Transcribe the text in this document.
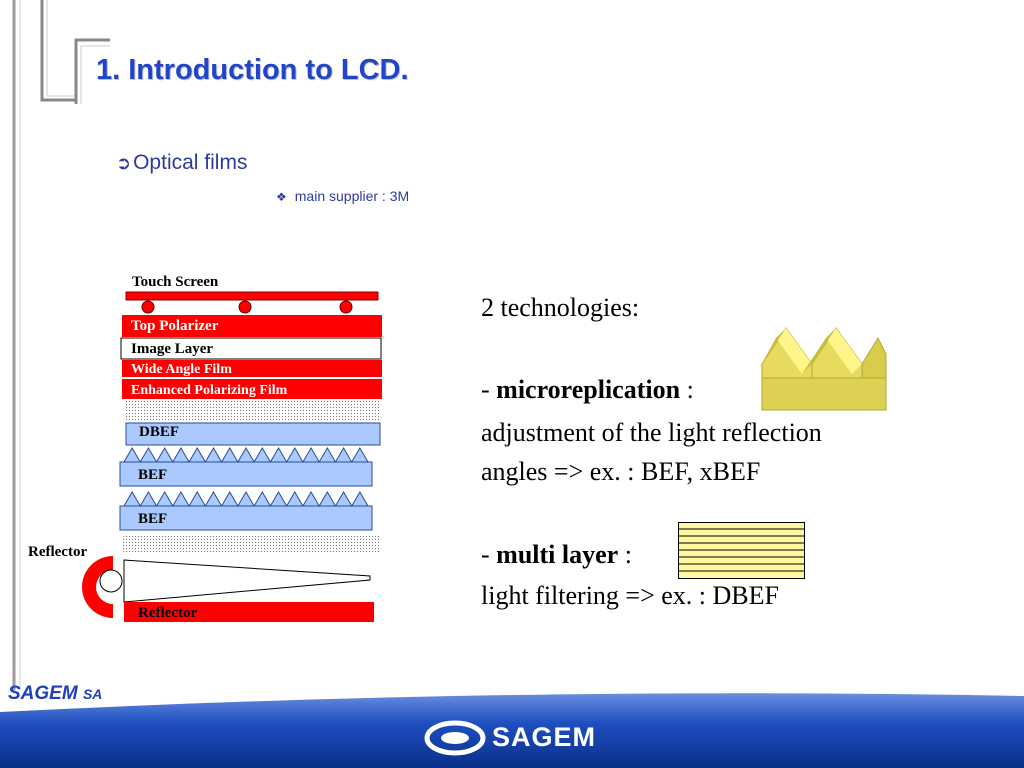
1. Introduction to LCD.
➲Optical films
❖ main supplier : 3M
Touch Screen
Top Polarizer
Image Layer
Wide Angle Film
Enhanced Polarizing Film
DBEF
BEF
BEF
Reflector
Reflector
2 technologies:
- microreplication :
adjustment of the light reflection
angles => ex. : BEF, xBEF
- multi layer :
light filtering => ex. : DBEF
SAGEM SA
SAGEM
